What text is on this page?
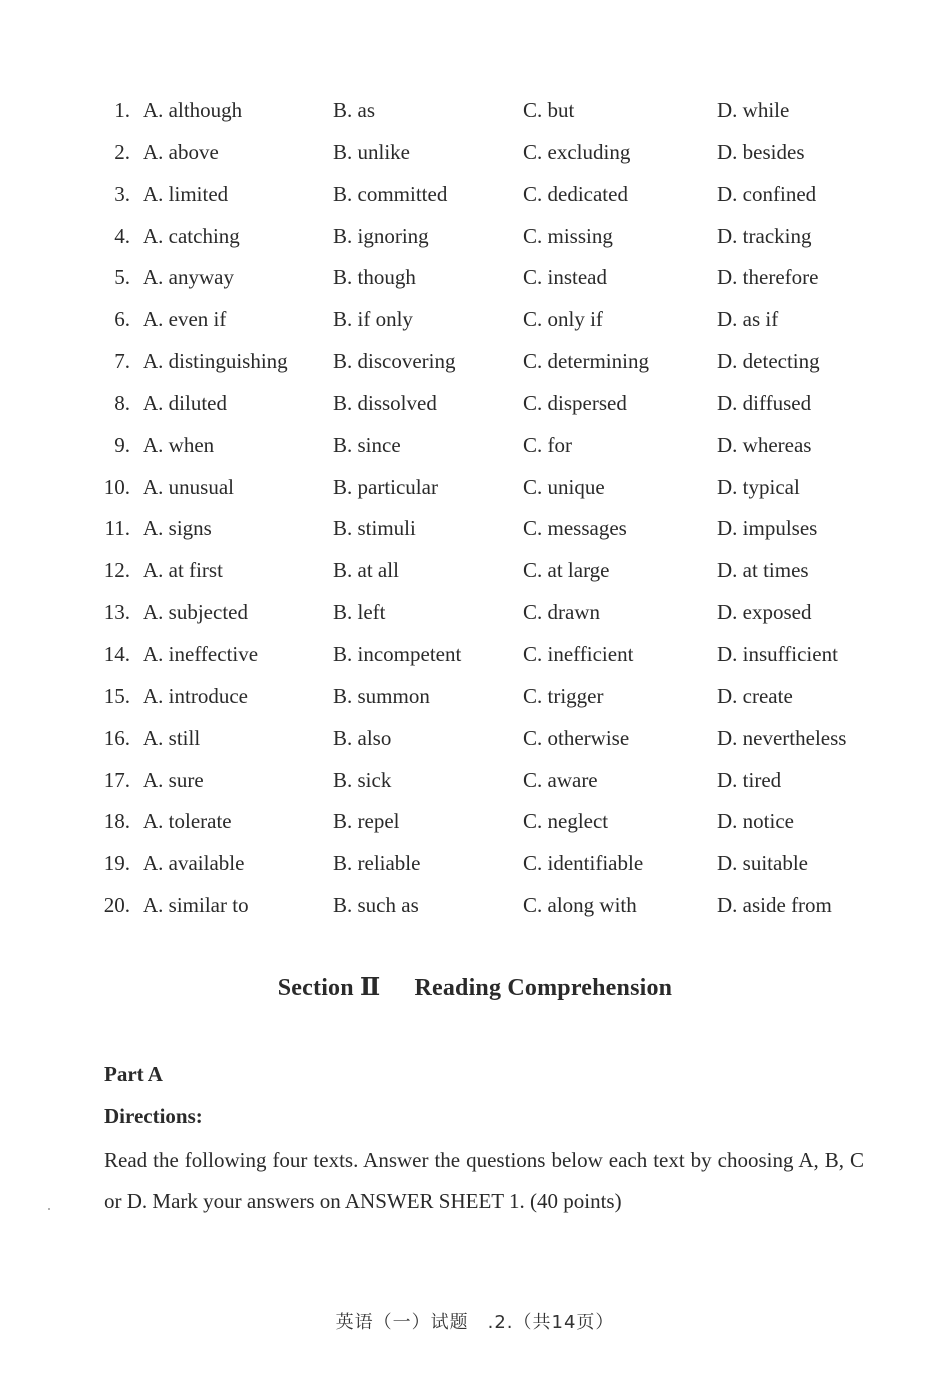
1. A. although	B. as	C. but	D. while
2. A. above	B. unlike	C. excluding	D. besides
3. A. limited	B. committed	C. dedicated	D. confined
4. A. catching	B. ignoring	C. missing	D. tracking
5. A. anyway	B. though	C. instead	D. therefore
6. A. even if	B. if only	C. only if	D. as if
7. A. distinguishing B. discovering	C. determining	D. detecting
8. A. diluted	B. dissolved	C. dispersed	D. diffused
9. A. when	B. since	C. for	D. whereas
10. A. unusual	B. particular	C. unique	D. typical
11. A. signs	B. stimuli	C. messages	D. impulses
12. A. at first	B. at all	C. at large	D. at times
13. A. subjected	B. left	C. drawn	D. exposed
14. A. ineffective	B. incompetent	C. inefficient	D. insufficient
15. A. introduce	B. summon	C. trigger	D. create
16. A. still	B. also	C. otherwise	D. nevertheless
17. A. sure	B. sick	C. aware	D. tired
18. A. tolerate	B. repel	C. neglect	D. notice
19. A. available	B. reliable	C. identifiable	D. suitable
20. A. similar to	B. such as	C. along with	D. aside from
Section Ⅱ Reading Comprehension
Part A
Directions:
Read the following four texts. Answer the questions below each text by choosing A, B, C or D. Mark your answers on ANSWER SHEET 1. (40 points)
英语（一）试题　.2.（共14页）
